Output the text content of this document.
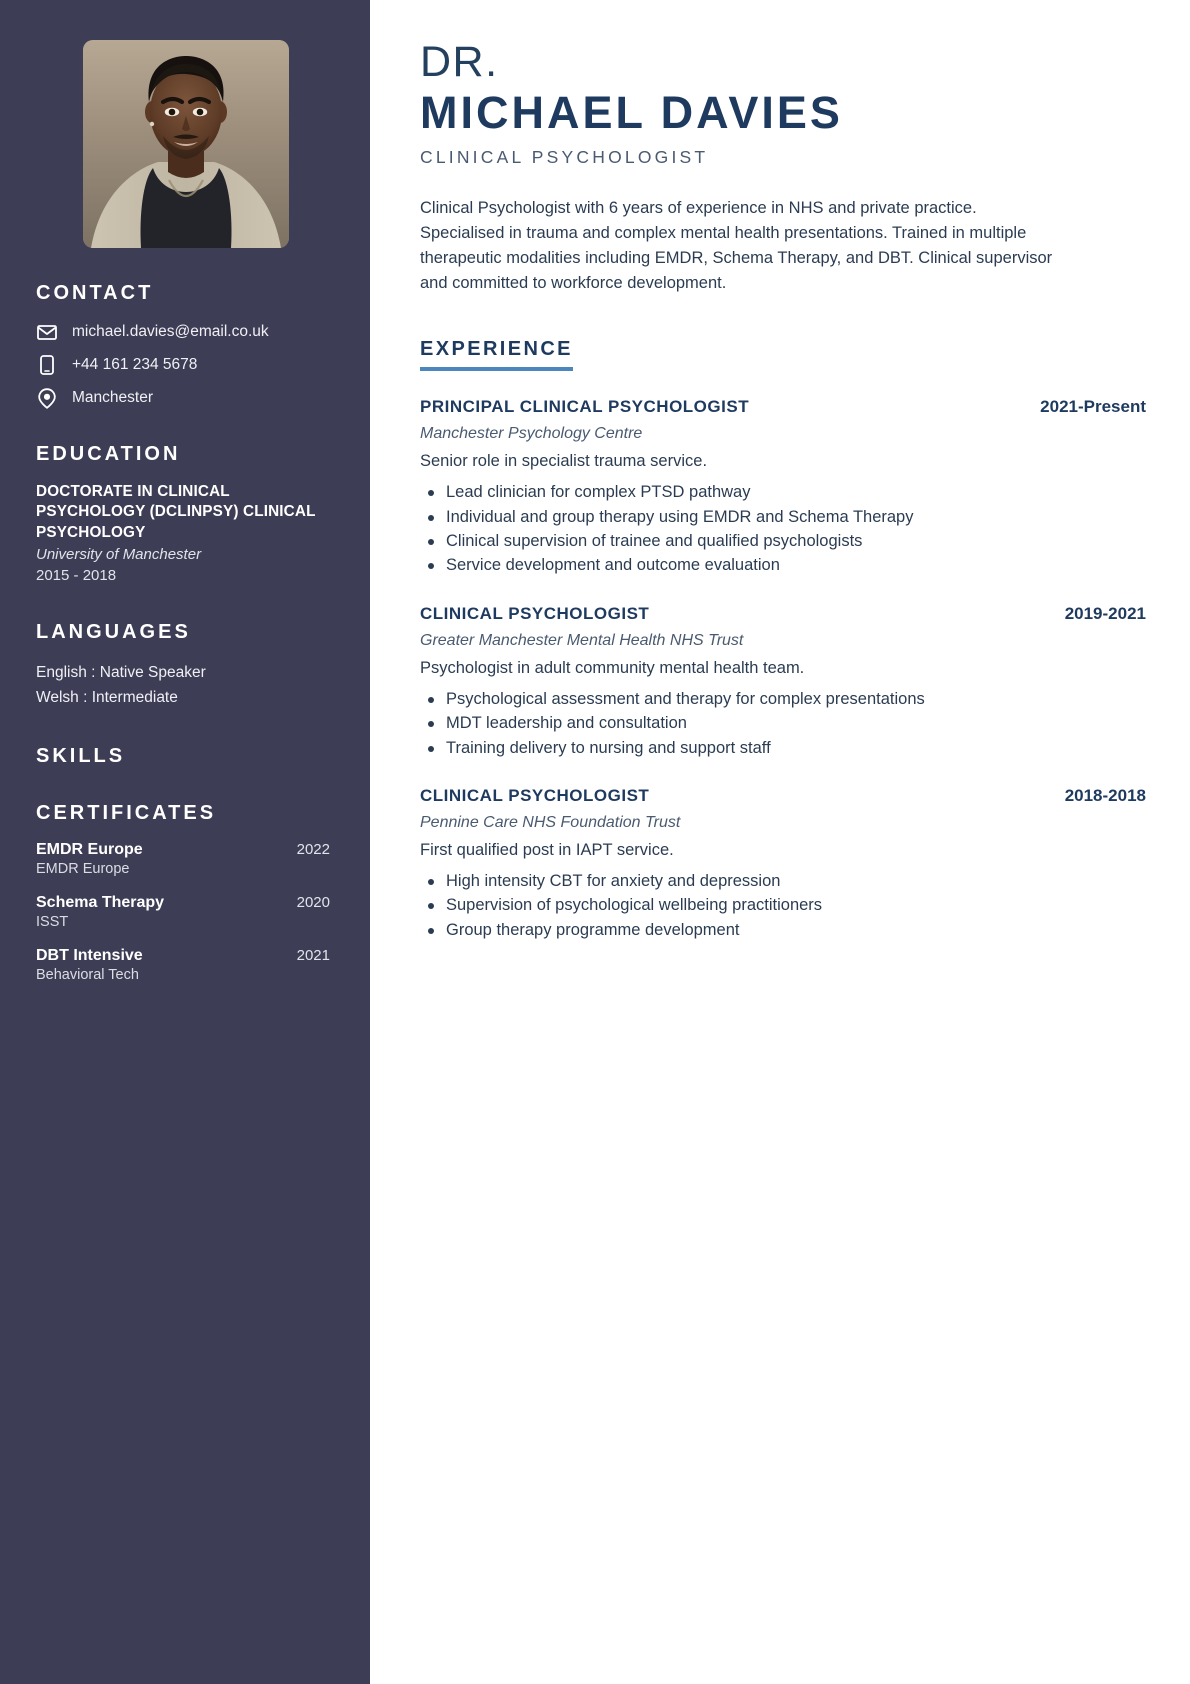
CONTACT
michael.davies@email.co.uk
+44 161 234 5678
Manchester
EDUCATION
DOCTORATE IN CLINICAL PSYCHOLOGY (DCLINPSY) CLINICAL PSYCHOLOGY
University of Manchester
2015 - 2018
LANGUAGES
English : Native Speaker
Welsh : Intermediate
SKILLS
CERTIFICATES
EMDR Europe	2022
EMDR Europe
Schema Therapy	2020
ISST
DBT Intensive	2021
Behavioral Tech
DR.
MICHAEL DAVIES
CLINICAL PSYCHOLOGIST

Clinical Psychologist with 6 years of experience in NHS and private practice. Specialised in trauma and complex mental health presentations. Trained in multiple therapeutic modalities including EMDR, Schema Therapy, and DBT. Clinical supervisor and committed to workforce development.

EXPERIENCE
PRINCIPAL CLINICAL PSYCHOLOGIST	2021-Present
Manchester Psychology Centre
Senior role in specialist trauma service.
Lead clinician for complex PTSD pathway
Individual and group therapy using EMDR and Schema Therapy
Clinical supervision of trainee and qualified psychologists
Service development and outcome evaluation
CLINICAL PSYCHOLOGIST	2019-2021
Greater Manchester Mental Health NHS Trust
Psychologist in adult community mental health team.
Psychological assessment and therapy for complex presentations
MDT leadership and consultation
Training delivery to nursing and support staff
CLINICAL PSYCHOLOGIST	2018-2018
Pennine Care NHS Foundation Trust
First qualified post in IAPT service.
High intensity CBT for anxiety and depression
Supervision of psychological wellbeing practitioners
Group therapy programme development
